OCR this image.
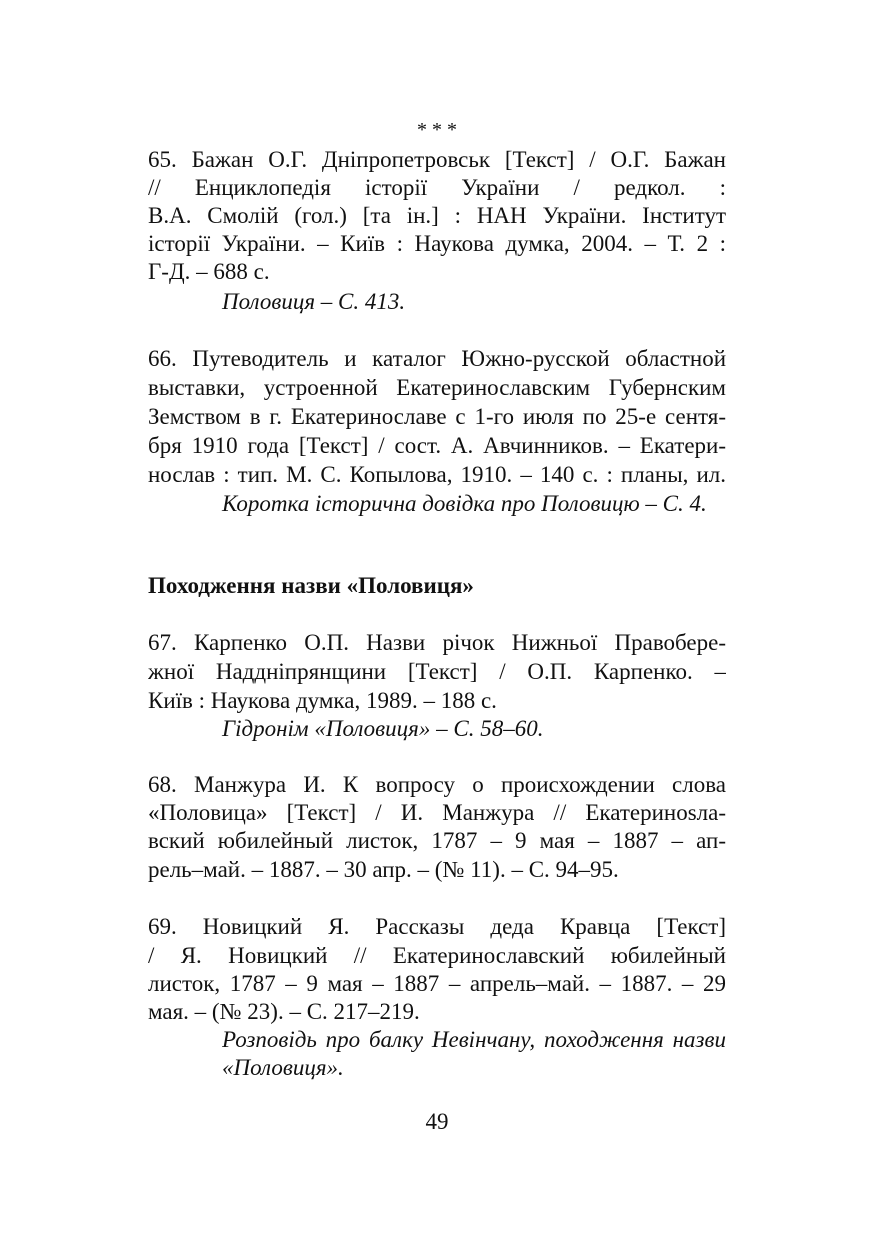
* * *
65. Бажан О.Г. Дніпропетровськ [Текст] / О.Г. Бажан
// Енциклопедія історії України / редкол. :
В.А. Смолій (гол.) [та ін.] : НАН України. Інститут
історії України. – Київ : Наукова думка, 2004. – Т. 2 :
Г-Д. – 688 с.
Половиця – С. 413.
66. Путеводитель и каталог Южно-русской областной
выставки, устроенной Екатеринославским Губернским
Земством в г. Екатеринославе с 1-го июля по 25-е сентя-
бря 1910 года [Текст] / сост. А. Авчинников. – Екатери-
нослав : тип. М. С. Копылова, 1910. – 140 с. : планы, ил.
Коротка історична довідка про Половицю – С. 4.
Походження назви «Половиця»
67. Карпенко О.П. Назви річок Нижньої Правобере-
жної Наддніпрянщини [Текст] / О.П. Карпенко. –
Київ : Наукова думка, 1989. – 188 с.
Гідронім «Половиця» – С. 58–60.
68. Манжура И. К вопросу о происхождении слова
«Половица» [Текст] / И. Манжура // Екатеринosла-
вский юбилейный листок, 1787 – 9 мая – 1887 – ап-
рель–май. – 1887. – 30 апр. – (№ 11). – С. 94–95.
69. Новицкий Я. Рассказы деда Кравца [Текст]
/ Я. Новицкий // Екатеринославский юбилейный
листок, 1787 – 9 мая – 1887 – апрель–май. – 1887. – 29
мая. – (№ 23). – С. 217–219.
Розповідь про балку Невінчану, походження назви
«Половиця».
49
